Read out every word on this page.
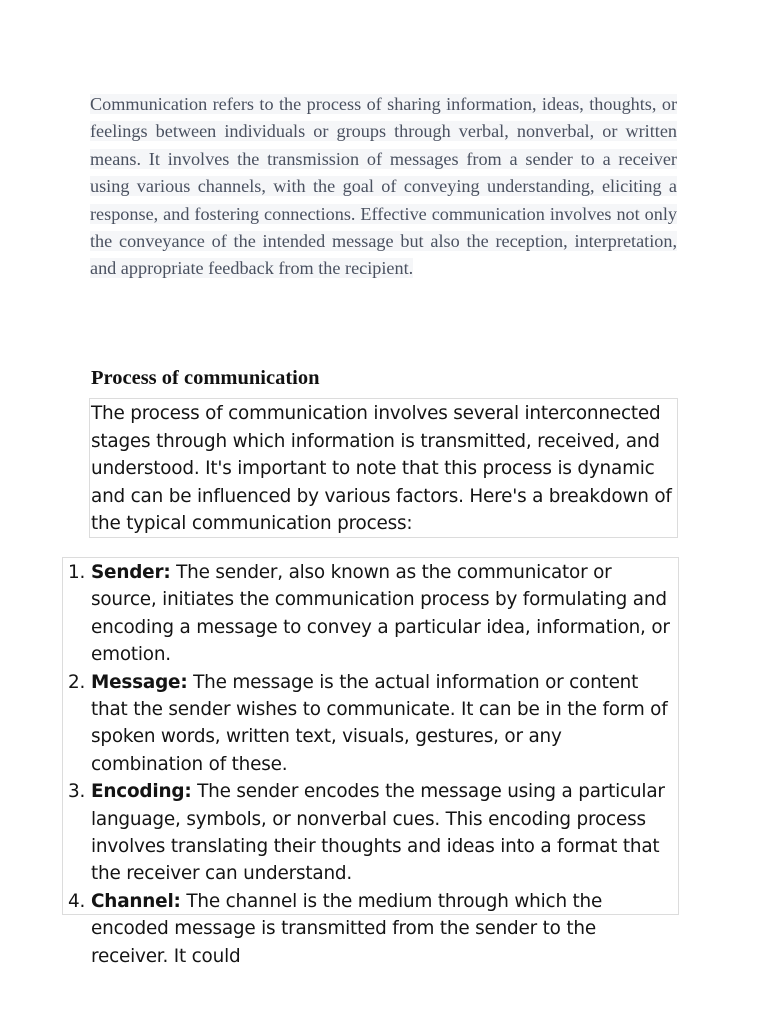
Communication refers to the process of sharing information, ideas, thoughts, or feelings between individuals or groups through verbal, nonverbal, or written means. It involves the transmission of messages from a sender to a receiver using various channels, with the goal of conveying understanding, eliciting a response, and fostering connections. Effective communication involves not only the conveyance of the intended message but also the reception, interpretation, and appropriate feedback from the recipient.

Process of communication

The process of communication involves several interconnected stages through which information is transmitted, received, and understood. It's important to note that this process is dynamic and can be influenced by various factors. Here's a breakdown of the typical communication process:

1. Sender: The sender, also known as the communicator or source, initiates the communication process by formulating and encoding a message to convey a particular idea, information, or emotion.
2. Message: The message is the actual information or content that the sender wishes to communicate. It can be in the form of spoken words, written text, visuals, gestures, or any combination of these.
3. Encoding: The sender encodes the message using a particular language, symbols, or nonverbal cues. This encoding process involves translating their thoughts and ideas into a format that the receiver can understand.
4. Channel: The channel is the medium through which the encoded message is transmitted from the sender to the receiver. It could
